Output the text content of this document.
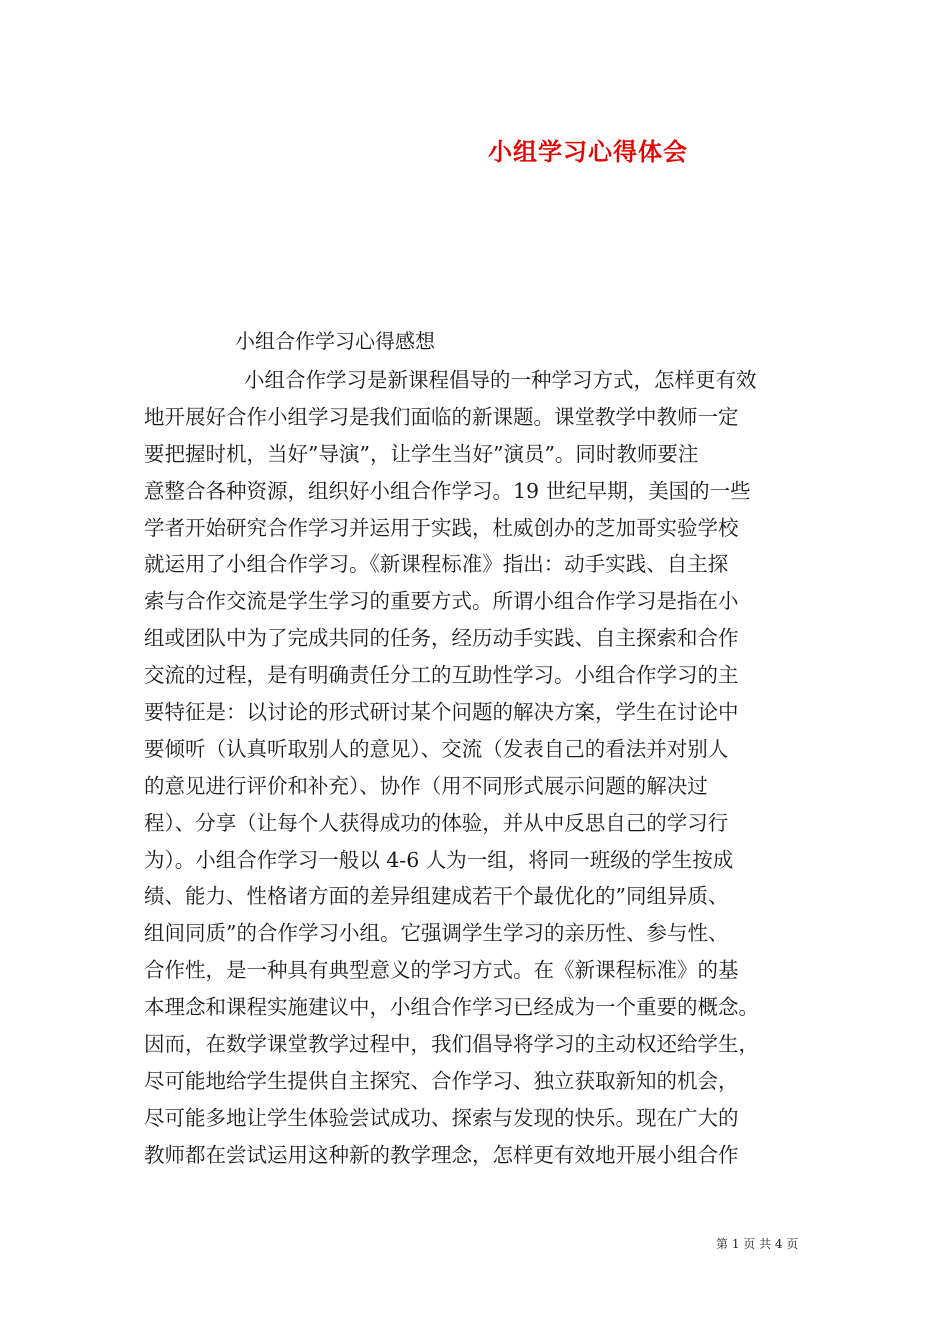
小组学习心得体会
小组合作学习心得感想
小组合作学习是新课程倡导的一种学习方式，怎样更有效
地开展好合作小组学习是我们面临的新课题。课堂教学中教师一定
要把握时机，当好”导演”，让学生当好”演员”。同时教师要注
意整合各种资源，组织好小组合作学习。19 世纪早期，美国的一些
学者开始研究合作学习并运用于实践，杜威创办的芝加哥实验学校
就运用了小组合作学习。《新课程标准》指出：动手实践、自主探
索与合作交流是学生学习的重要方式。所谓小组合作学习是指在小
组或团队中为了完成共同的任务，经历动手实践、自主探索和合作
交流的过程，是有明确责任分工的互助性学习。小组合作学习的主
要特征是：以讨论的形式研讨某个问题的解决方案，学生在讨论中
要倾听（认真听取别人的意见）、交流（发表自己的看法并对别人
的意见进行评价和补充）、协作（用不同形式展示问题的解决过
程）、分享（让每个人获得成功的体验，并从中反思自己的学习行
为）。小组合作学习一般以 4-6 人为一组，将同一班级的学生按成
绩、能力、性格诸方面的差异组建成若干个最优化的”同组异质、
组间同质”的合作学习小组。它强调学生学习的亲历性、参与性、
合作性，是一种具有典型意义的学习方式。在《新课程标准》的基
本理念和课程实施建议中，小组合作学习已经成为一个重要的概念。
因而，在数学课堂教学过程中，我们倡导将学习的主动权还给学生，
尽可能地给学生提供自主探究、合作学习、独立获取新知的机会，
尽可能多地让学生体验尝试成功、探索与发现的快乐。现在广大的
教师都在尝试运用这种新的教学理念，怎样更有效地开展小组合作
第 1 页 共 4 页
